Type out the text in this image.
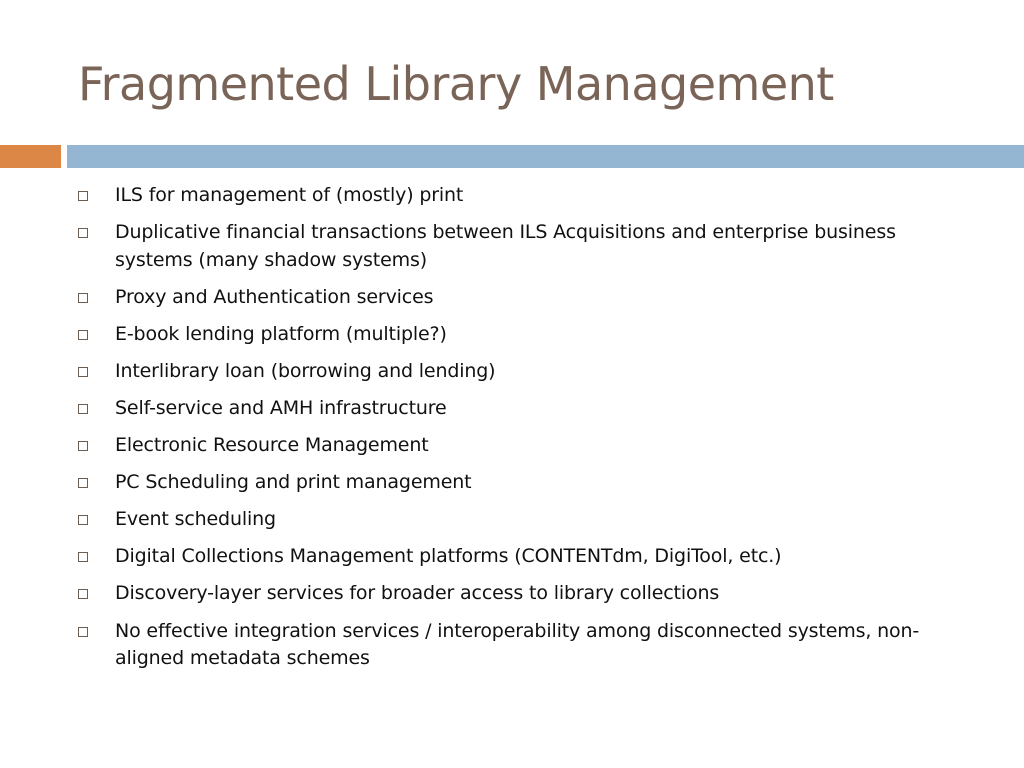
Fragmented Library Management
ILS for management of (mostly) print
Duplicative financial transactions between ILS Acquisitions and enterprise business systems (many shadow systems)
Proxy and Authentication services
E-book lending platform (multiple?)
Interlibrary loan (borrowing and lending)
Self-service and AMH infrastructure
Electronic Resource Management
PC Scheduling and print management
Event scheduling
Digital Collections Management platforms (CONTENTdm, DigiTool, etc.)
Discovery-layer services for broader access to library collections
No effective integration services / interoperability among disconnected systems, non-aligned metadata schemes
